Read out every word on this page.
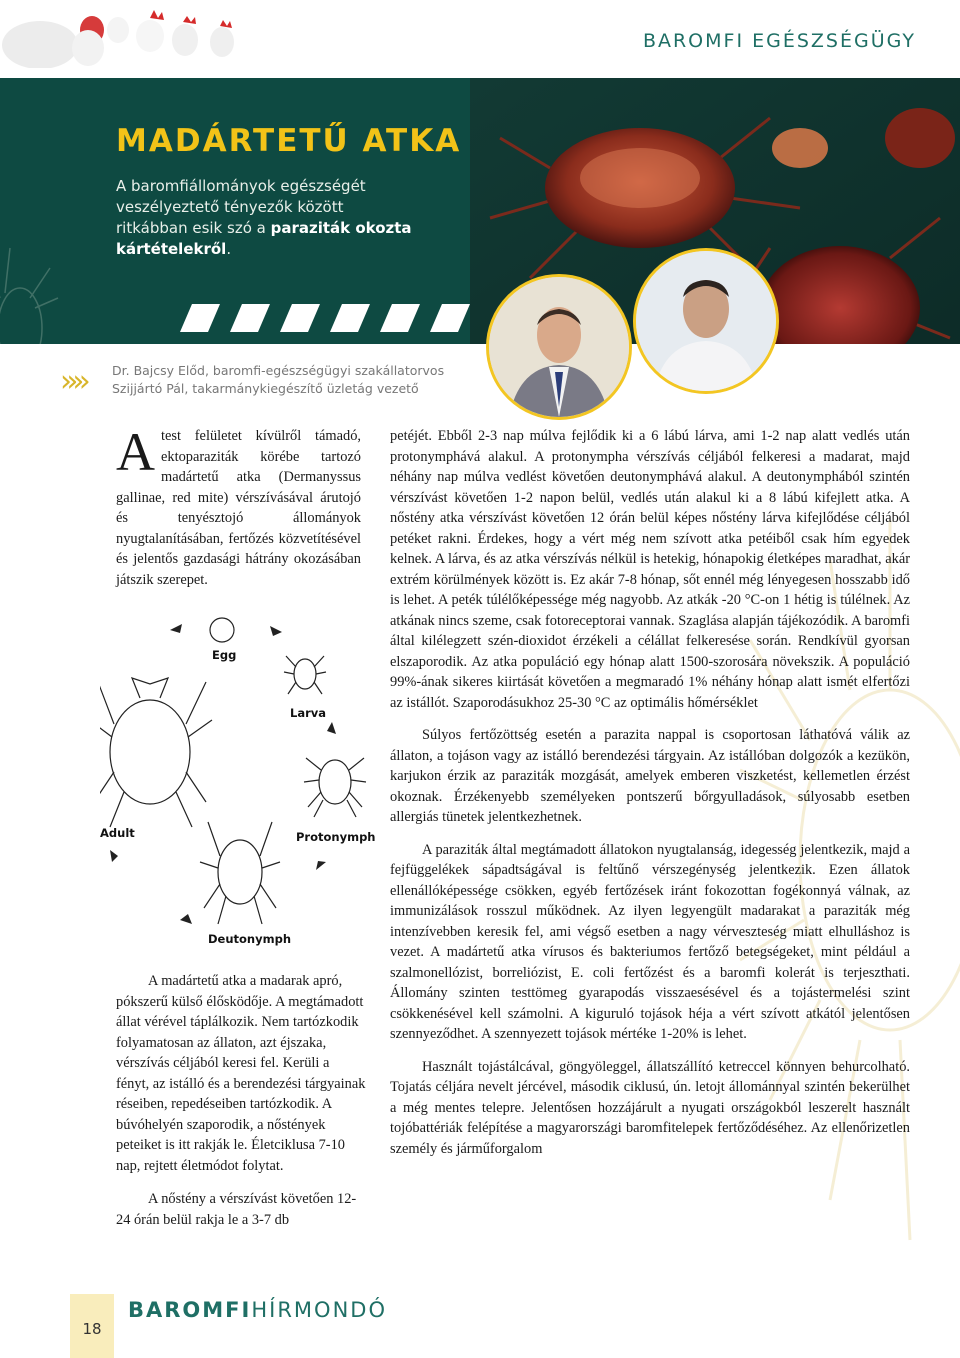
BAROMFI EGÉSZSÉGÜGY
MADÁRTETŰ ATKA
A baromfiállományok egészségét veszélyeztető tényezők között ritkábban esik szó a paraziták okozta kártételekről.
»» Dr. Bajcsy Előd, baromfi-egészségügyi szakállatorvos
Szijjártó Pál, takarmánykiegészítő üzletág vezető
A test felületet kívülről támadó, ektoparaziták körébe tartozó madártetű atka (Dermanyssus gallinae, red mite) vérszívásával árutojó és tenyésztojó állományok nyugtalanításában, fertőzés közvetítésével és jelentős gazdasági hátrány okozásában játszik szerepet.
Egg
Larva
Protonymph
Adult
Deutonymph

A madártetű atka a madarak apró, pókszerű külső élősködője. A megtámadott állat vérével táplálkozik. Nem tartózkodik folyamatosan az állaton, azt éjszaka, vérszívás céljából keresi fel. Kerüli a fényt, az istálló és a berendezési tárgyainak réseiben, repedéseiben tartózkodik. A búvóhelyén szaporodik, a nőstények peteiket is itt rakják le. Életciklusa 7-10 nap, rejtett életmódot folytat.

A nőstény a vérszívást követően 12-24 órán belül rakja le a 3-7 db

petéjét. Ebből 2-3 nap múlva fejlődik ki a 6 lábú lárva, ami 1-2 nap alatt vedlés után protonymphává alakul. A protonympha vérszívás céljából felkeresi a madarat, majd néhány nap múlva vedlést követően deutonymphává alakul. A deutonymphából szintén vérszívást követően 1-2 napon belül, vedlés után alakul ki a 8 lábú kifejlett atka. A nőstény atka vérszívást követően 12 órán belül képes nőstény lárva kifejlődése céljából petéket rakni. Érdekes, hogy a vért még nem szívott atka petéiből csak hím egyedek kelnek. A lárva, és az atka vérszívás nélkül is hetekig, hónapokig életképes maradhat, akár extrém körülmények között is. Ez akár 7-8 hónap, sőt ennél még lényegesen hosszabb idő is lehet. A peték túlélőképessége még nagyobb. Az atkák -20 °C-on 1 hétig is túlélnek. Az atkának nincs szeme, csak fotoreceptorai vannak. Szaglása alapján tájékozódik. A baromfi által kilélegzett szén-dioxidot érzékeli a célállat felkeresése során. Rendkívül gyorsan elszaporodik. Az atka populáció egy hónap alatt 1500-szorosára növekszik. A populáció 99%-ának sikeres kiirtását követően a megmaradó 1% néhány hónap alatt ismét elfertőzi az istállót. Szaporodásukhoz 25-30 °C az optimális hőmérséklet

Súlyos fertőzöttség esetén a parazita nappal is csoportosan láthatóvá válik az állaton, a tojáson vagy az istálló berendezési tárgyain. Az istállóban dolgozók a kezükön, karjukon érzik az paraziták mozgását, amelyek emberen viszketést, kellemetlen érzést okoznak. Érzékenyebb személyeken pontszerű bőrgyulladások, súlyosabb esetben allergiás tünetek jelentkezhetnek.

A paraziták által megtámadott állatokon nyugtalanság, idegesség jelentkezik, majd a fejfüggelékek sápadtságával is feltűnő vérszegénység jelentkezik. Ezen állatok ellenállóképessége csökken, egyéb fertőzések iránt fokozottan fogékonnyá válnak, az immunizálások rosszul működnek. Az ilyen legyengült madarakat a paraziták még intenzívebben keresik fel, ami végső esetben a nagy vérveszteség miatt elhulláshoz is vezet. A madártetű atka vírusos és bakteriumos fertőző betegségeket, mint például a szalmonellózist, borreliózist, E. coli fertőzést és a baromfi kolerát is terjeszthati. Állomány szinten testtömeg gyarapodás visszaesésével és a tojástermelési szint csökkenésével kell számolni. A kiguruló tojások héja a vért szívott atkától jelentősen szennyeződhet. A szennyezett tojások mértéke 1-20% is lehet.

Használt tojástálcával, göngyöleggel, állatszállító ketreccel könnyen behurcolható. Tojatás céljára nevelt jércével, második ciklusú, ún. letojt állománnyal szintén bekerülhet a még mentes telepre. Jelentősen hozzájárult a nyugati országokból leszerelt használt tojóbattériák felépítése a magyarországi baromfitelepek fertőződéséhez. Az ellenőrizetlen személy és járműforgalom

18
BAROMFIHÍRMONDÓ
